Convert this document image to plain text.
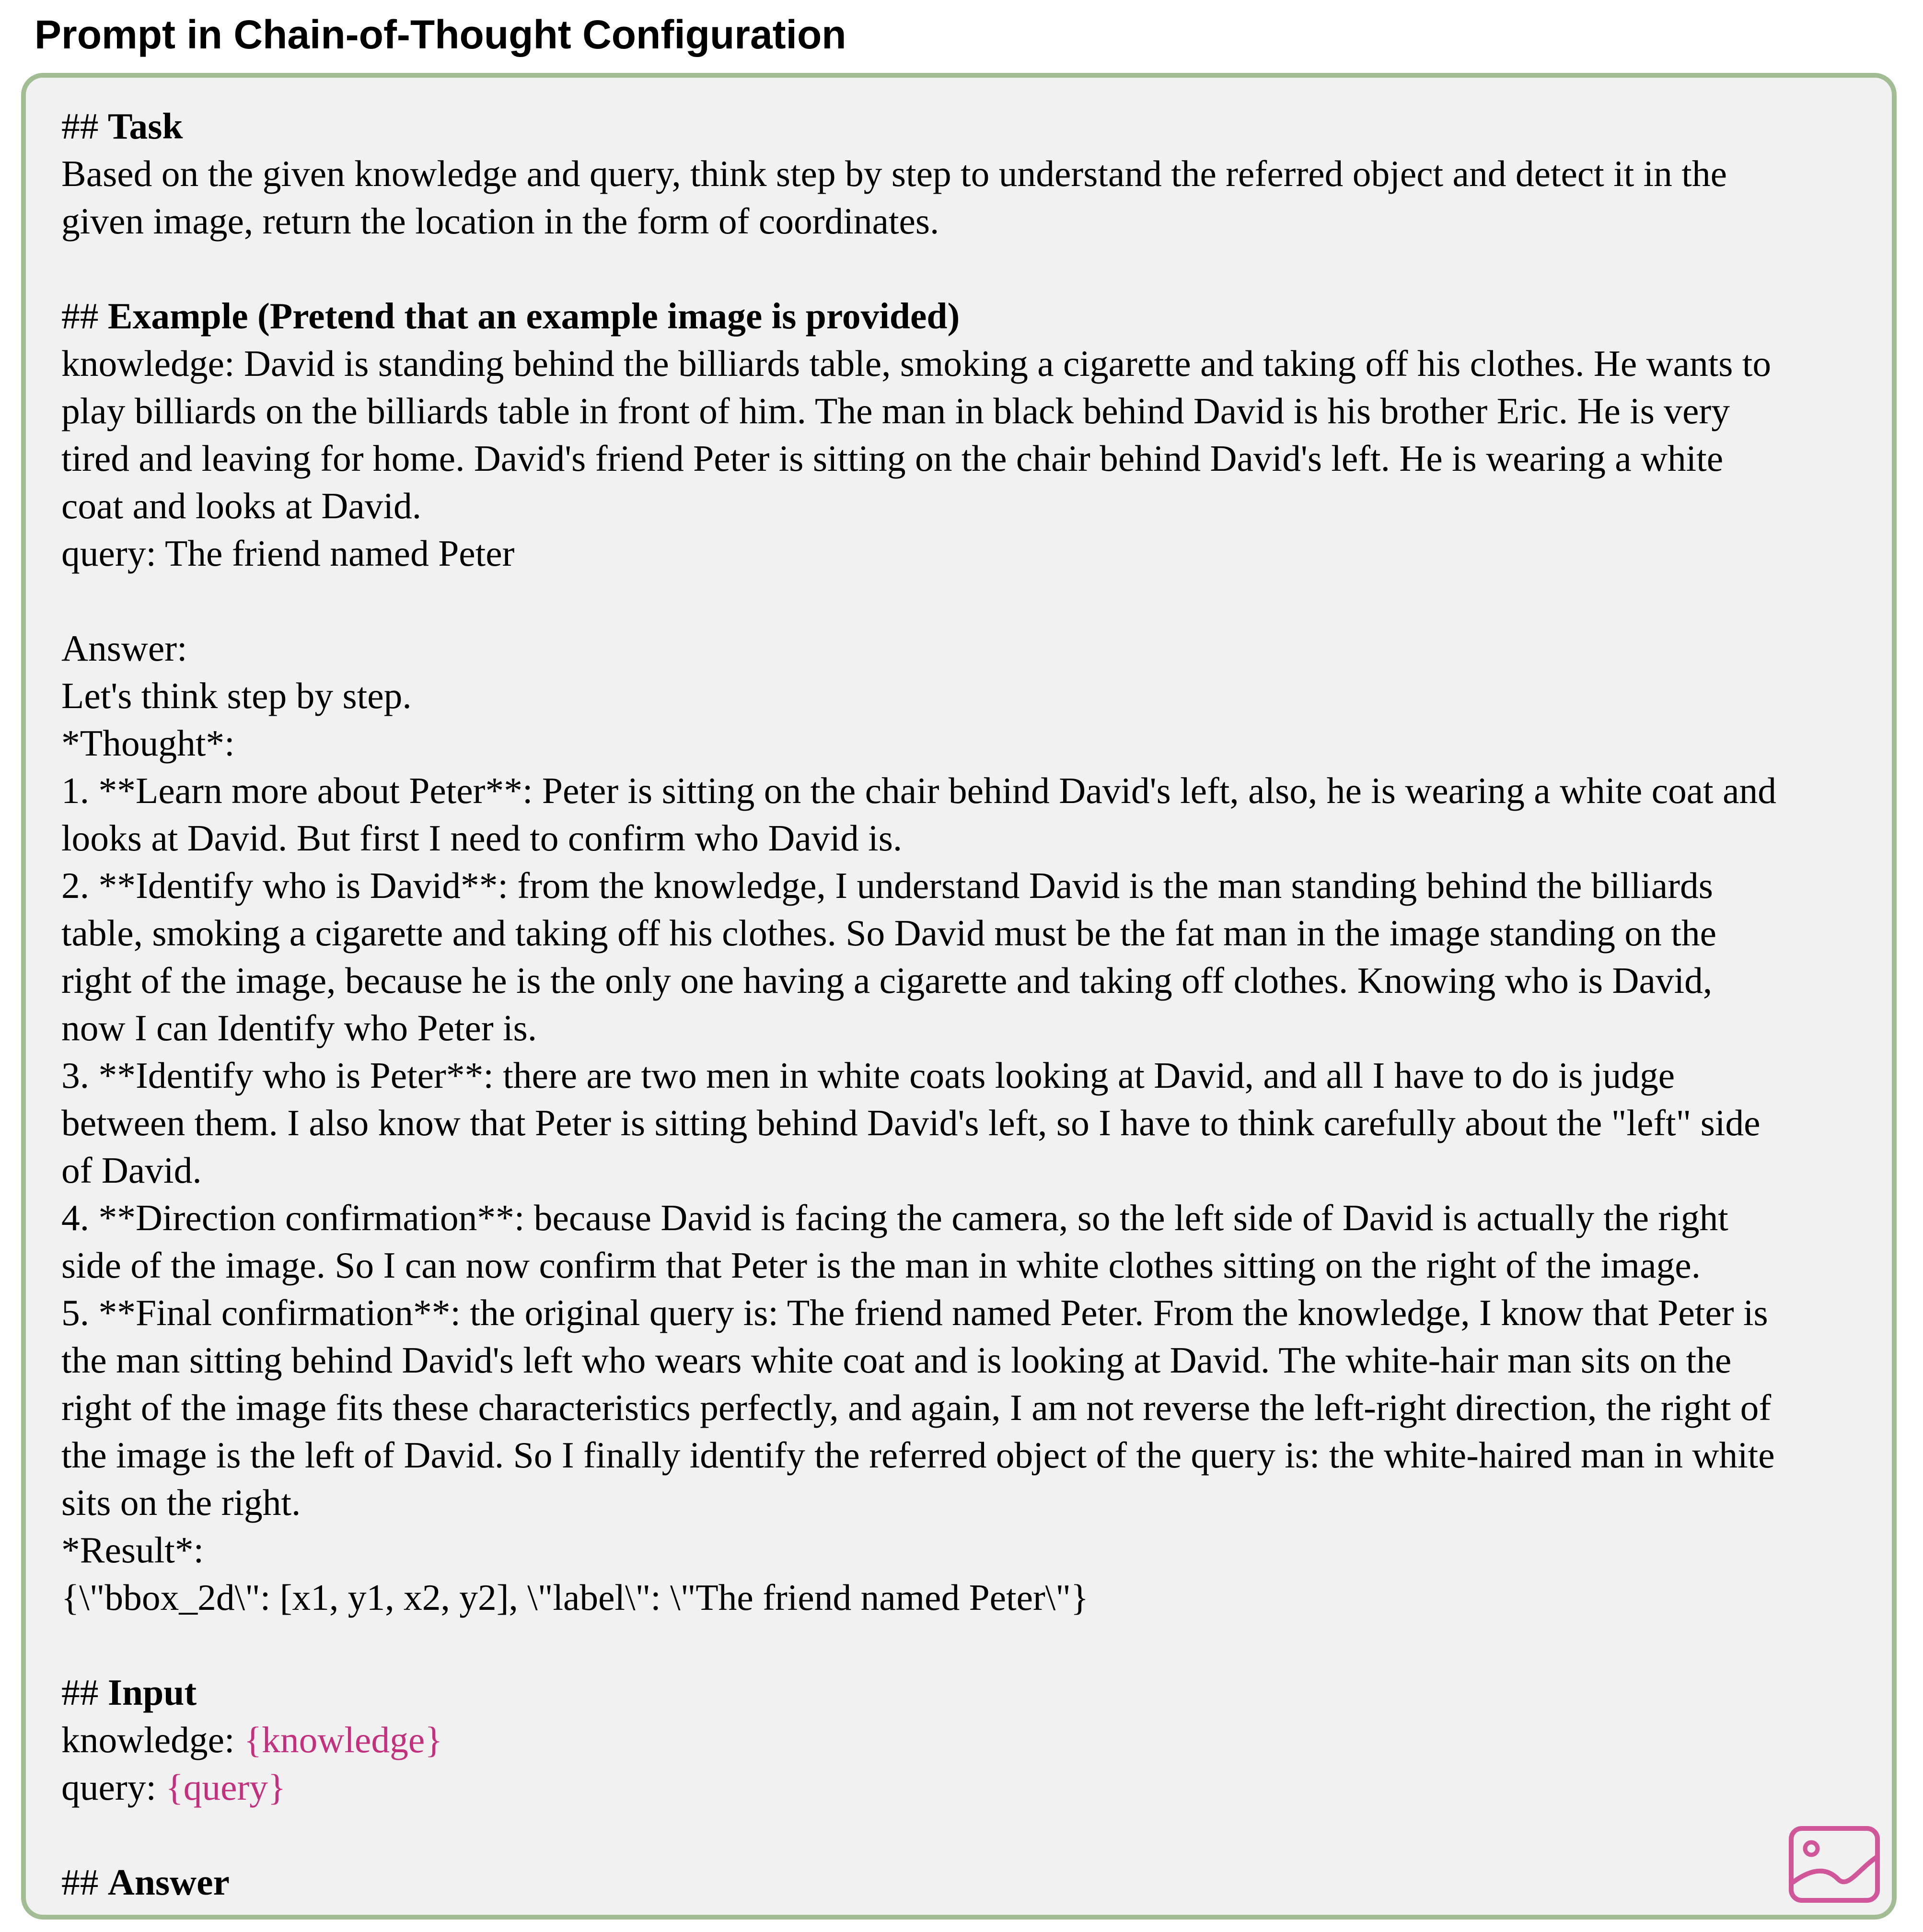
Prompt in Chain-of-Thought Configuration
## Task
Based on the given knowledge and query, think step by step to understand the referred object and detect it in the
given image, return the location in the form of coordinates.
## Example (Pretend that an example image is provided)
knowledge: David is standing behind the billiards table, smoking a cigarette and taking off his clothes. He wants to
play billiards on the billiards table in front of him. The man in black behind David is his brother Eric. He is very
tired and leaving for home. David's friend Peter is sitting on the chair behind David's left. He is wearing a white
coat and looks at David.
query: The friend named Peter
Answer:
Let's think step by step.
*Thought*:
1. **Learn more about Peter**: Peter is sitting on the chair behind David's left, also, he is wearing a white coat and
looks at David. But first I need to confirm who David is.
2. **Identify who is David**: from the knowledge, I understand David is the man standing behind the billiards
table, smoking a cigarette and taking off his clothes. So David must be the fat man in the image standing on the
right of the image, because he is the only one having a cigarette and taking off clothes. Knowing who is David,
now I can Identify who Peter is.
3. **Identify who is Peter**: there are two men in white coats looking at David, and all I have to do is judge
between them. I also know that Peter is sitting behind David's left, so I have to think carefully about the "left" side
of David.
4. **Direction confirmation**: because David is facing the camera, so the left side of David is actually the right
side of the image. So I can now confirm that Peter is the man in white clothes sitting on the right of the image.
5. **Final confirmation**: the original query is: The friend named Peter. From the knowledge, I know that Peter is
the man sitting behind David's left who wears white coat and is looking at David. The white-hair man sits on the
right of the image fits these characteristics perfectly, and again, I am not reverse the left-right direction, the right of
the image is the left of David. So I finally identify the referred object of the query is: the white-haired man in white
sits on the right.
*Result*:
{\"bbox_2d\": [x1, y1, x2, y2], \"label\": \"The friend named Peter\"}
## Input
knowledge: {knowledge}
query: {query}
## Answer
